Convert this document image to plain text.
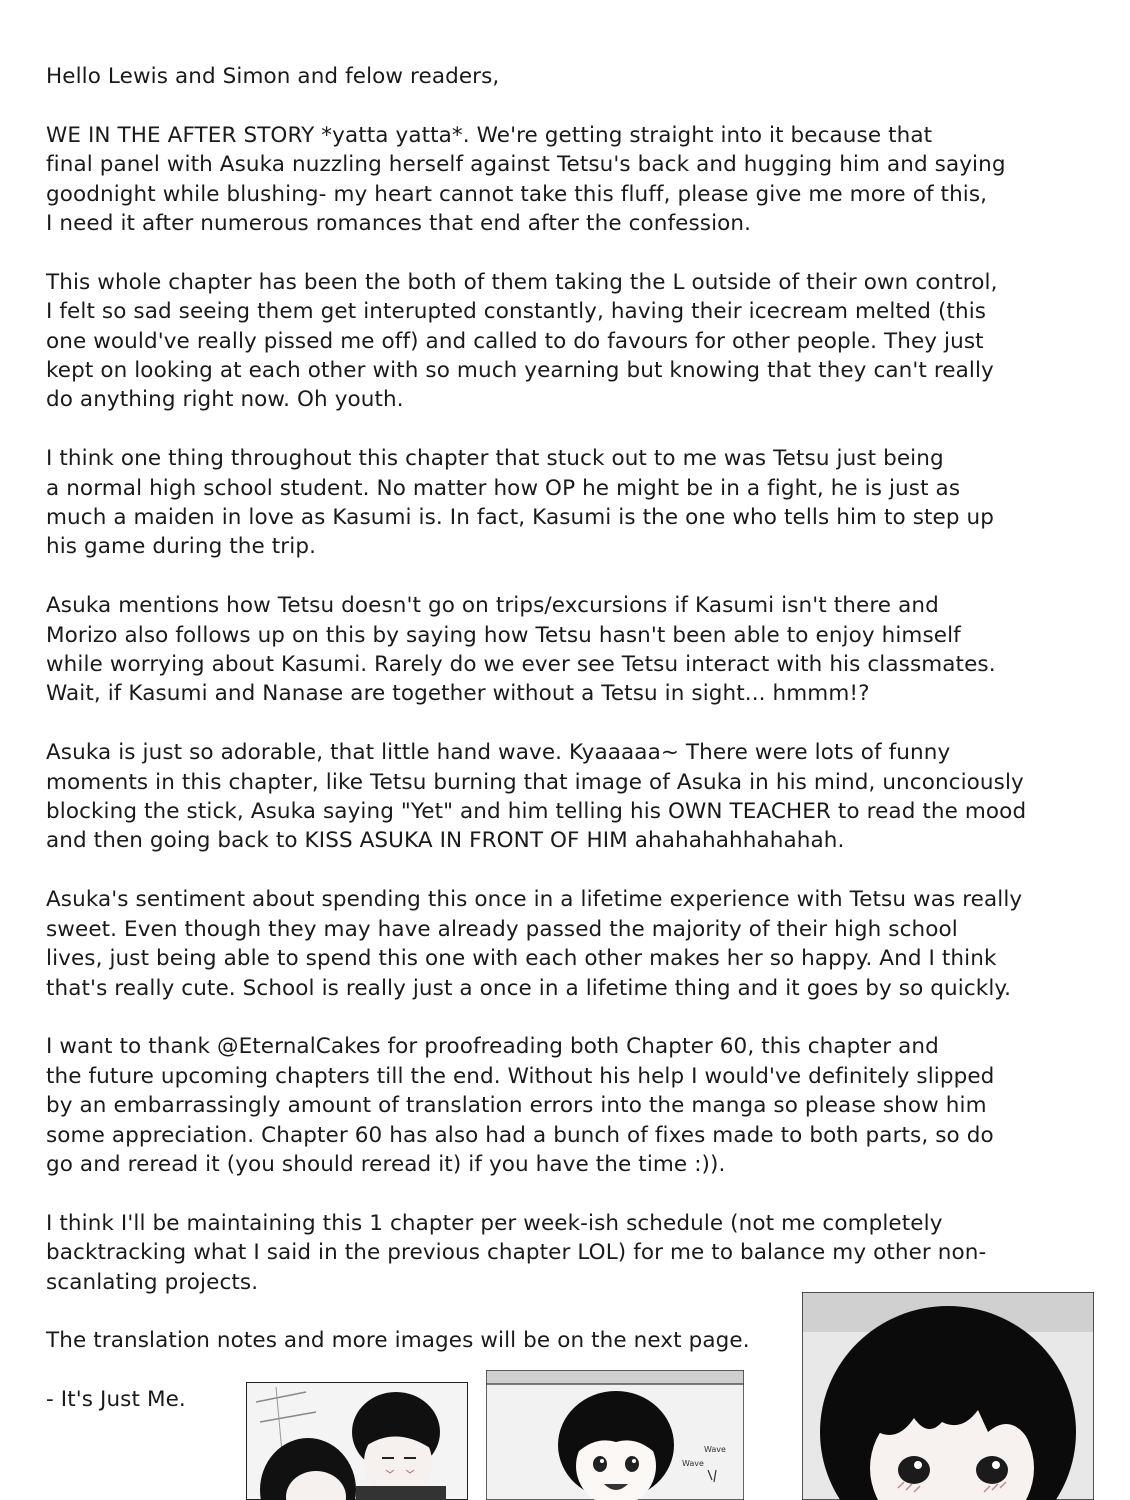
Hello Lewis and Simon and felow readers,

WE IN THE AFTER STORY *yatta yatta*. We're getting straight into it because that
final panel with Asuka nuzzling herself against Tetsu's back and hugging him and saying
goodnight while blushing- my heart cannot take this fluff, please give me more of this,
I need it after numerous romances that end after the confession.

This whole chapter has been the both of them taking the L outside of their own control,
I felt so sad seeing them get interupted constantly, having their icecream melted (this
one would've really pissed me off) and called to do favours for other people. They just
kept on looking at each other with so much yearning but knowing that they can't really
do anything right now. Oh youth.

I think one thing throughout this chapter that stuck out to me was Tetsu just being
a normal high school student. No matter how OP he might be in a fight, he is just as
much a maiden in love as Kasumi is. In fact, Kasumi is the one who tells him to step up
his game during the trip.

Asuka mentions how Tetsu doesn't go on trips/excursions if Kasumi isn't there and
Morizo also follows up on this by saying how Tetsu hasn't been able to enjoy himself
while worrying about Kasumi. Rarely do we ever see Tetsu interact with his classmates.
Wait, if Kasumi and Nanase are together without a Tetsu in sight... hmmm!?

Asuka is just so adorable, that little hand wave. Kyaaaaa~ There were lots of funny
moments in this chapter, like Tetsu burning that image of Asuka in his mind, unconciously
blocking the stick, Asuka saying "Yet" and him telling his OWN TEACHER to read the mood
and then going back to KISS ASUKA IN FRONT OF HIM ahahahahhahahah.

Asuka's sentiment about spending this once in a lifetime experience with Tetsu was really
sweet. Even though they may have already passed the majority of their high school
lives, just being able to spend this one with each other makes her so happy. And I think
that's really cute. School is really just a once in a lifetime thing and it goes by so quickly.

I want to thank @EternalCakes for proofreading both Chapter 60, this chapter and
the future upcoming chapters till the end. Without his help I would've definitely slipped
by an embarrassingly amount of translation errors into the manga so please show him
some appreciation. Chapter 60 has also had a bunch of fixes made to both parts, so do
go and reread it (you should reread it) if you have the time :)).

I think I'll be maintaining this 1 chapter per week-ish schedule (not me completely
backtracking what I said in the previous chapter LOL) for me to balance my other non-
scanlating projects.

The translation notes and more images will be on the next page.

- It's Just Me.

Wave
Wave
